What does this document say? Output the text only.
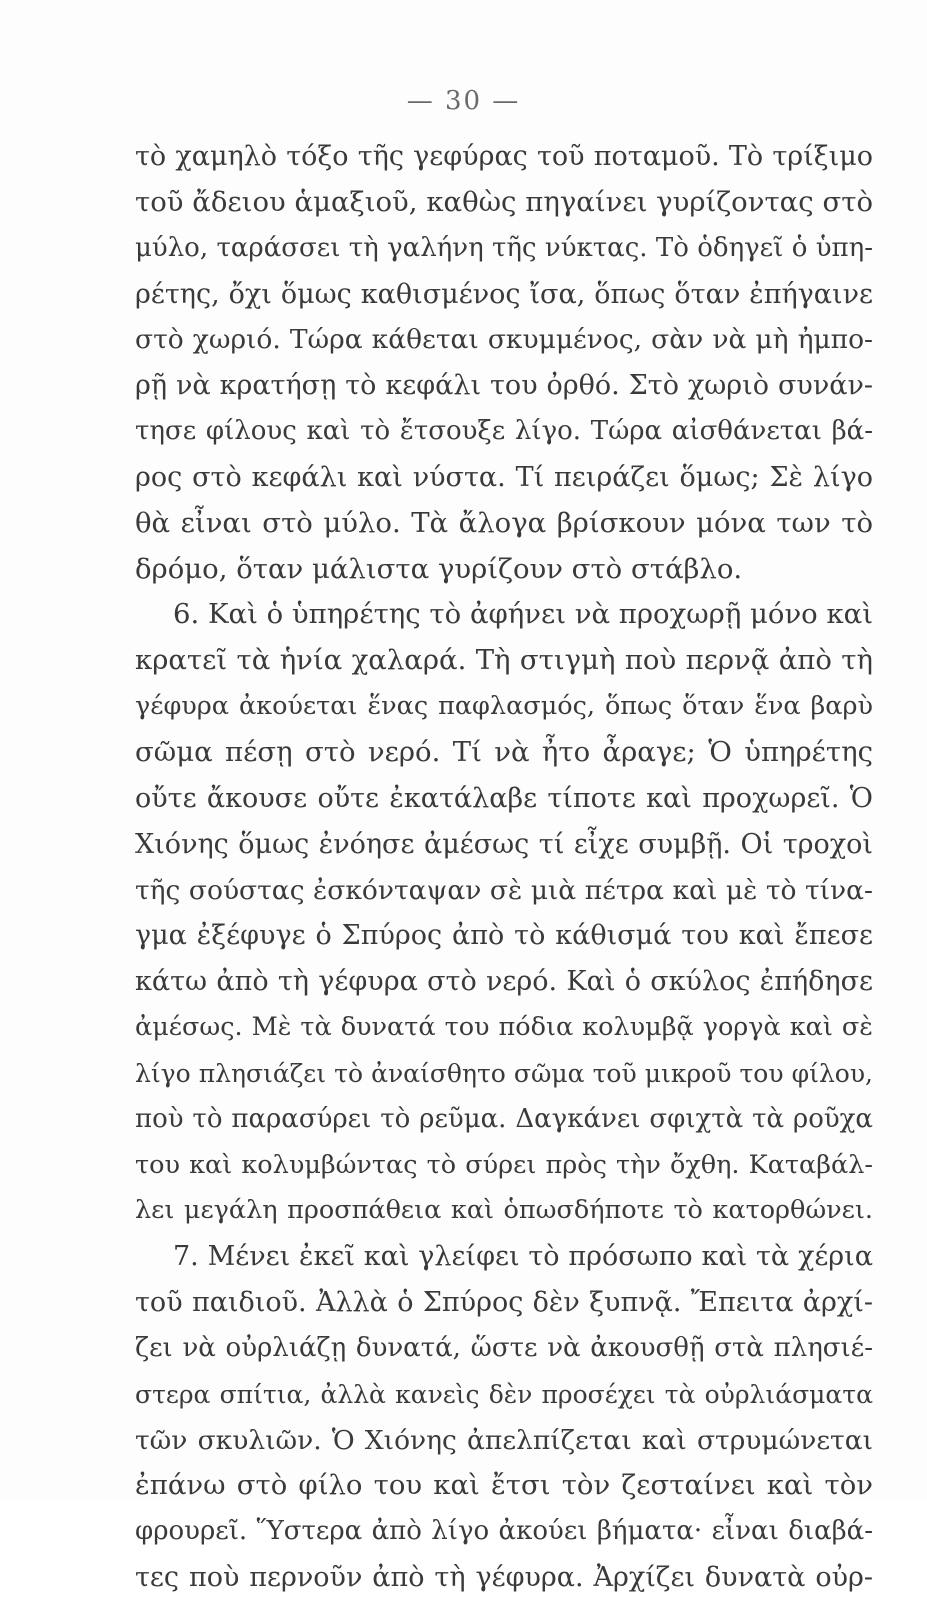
— 30 —
τὸ χαμηλὸ τόξο τῆς γεφύρας τοῦ ποταμοῦ. Τὸ τρίξιμο
τοῦ ἄδειου ἁμαξιοῦ, καθὼς πηγαίνει γυρίζοντας στὸ
μύλο, ταράσσει τὴ γαλήνη τῆς νύκτας. Τὸ ὁδηγεῖ ὁ ὑπη-
ρέτης, ὄχι ὅμως καθισμένος ἴσα, ὅπως ὅταν ἐπήγαινε
στὸ χωριό. Τώρα κάθεται σκυμμένος, σὰν νὰ μὴ ἠμπο-
ρῇ νὰ κρατήσῃ τὸ κεφάλι του ὀρθό. Στὸ χωριὸ συνάν-
τησε φίλους καὶ τὸ ἔτσουξε λίγο. Τώρα αἰσθάνεται βά-
ρος στὸ κεφάλι καὶ νύστα. Τί πειράζει ὅμως; Σὲ λίγο
θὰ εἶναι στὸ μύλο. Τὰ ἄλογα βρίσκουν μόνα των τὸ
δρόμο, ὅταν μάλιστα γυρίζουν στὸ στάβλο.
6. Καὶ ὁ ὑπηρέτης τὸ ἀφήνει νὰ προχωρῇ μόνο καὶ
κρατεῖ τὰ ἡνία χαλαρά. Τὴ στιγμὴ ποὺ περνᾷ ἀπὸ τὴ
γέφυρα ἀκούεται ἕνας παφλασμός, ὅπως ὅταν ἕνα βαρὺ
σῶμα πέσῃ στὸ νερό. Τί νὰ ἦτο ἆραγε; Ὁ ὑπηρέτης
οὔτε ἄκουσε οὔτε ἐκατάλαβε τίποτε καὶ προχωρεῖ. Ὁ
Χιόνης ὅμως ἐνόησε ἀμέσως τί εἶχε συμβῇ. Οἱ τροχοὶ
τῆς σούστας ἐσκόνταψαν σὲ μιὰ πέτρα καὶ μὲ τὸ τίνα-
γμα ἐξέφυγε ὁ Σπύρος ἀπὸ τὸ κάθισμά του καὶ ἔπεσε
κάτω ἀπὸ τὴ γέφυρα στὸ νερό. Καὶ ὁ σκύλος ἐπήδησε
ἀμέσως. Μὲ τὰ δυνατά του πόδια κολυμβᾷ γοργὰ καὶ σὲ
λίγο πλησιάζει τὸ ἀναίσθητο σῶμα τοῦ μικροῦ του φίλου,
ποὺ τὸ παρασύρει τὸ ρεῦμα. Δαγκάνει σφιχτὰ τὰ ροῦχα
του καὶ κολυμβώντας τὸ σύρει πρὸς τὴν ὄχθη. Καταβάλ-
λει μεγάλη προσπάθεια καὶ ὁπωσδήποτε τὸ κατορθώνει.
7. Μένει ἐκεῖ καὶ γλείφει τὸ πρόσωπο καὶ τὰ χέρια
τοῦ παιδιοῦ. Ἀλλὰ ὁ Σπύρος δὲν ξυπνᾷ. Ἔπειτα ἀρχί-
ζει νὰ οὐρλιάζῃ δυνατά, ὥστε νὰ ἀκουσθῇ στὰ πλησιέ-
στερα σπίτια, ἀλλὰ κανεὶς δὲν προσέχει τὰ οὐρλιάσματα
τῶν σκυλιῶν. Ὁ Χιόνης ἀπελπίζεται καὶ στρυμώνεται
ἐπάνω στὸ φίλο του καὶ ἔτσι τὸν ζεσταίνει καὶ τὸν
φρουρεῖ. Ὕστερα ἀπὸ λίγο ἀκούει βήματα· εἶναι διαβά-
τες ποὺ περνοῦν ἀπὸ τὴ γέφυρα. Ἀρχίζει δυνατὰ οὐρ-
